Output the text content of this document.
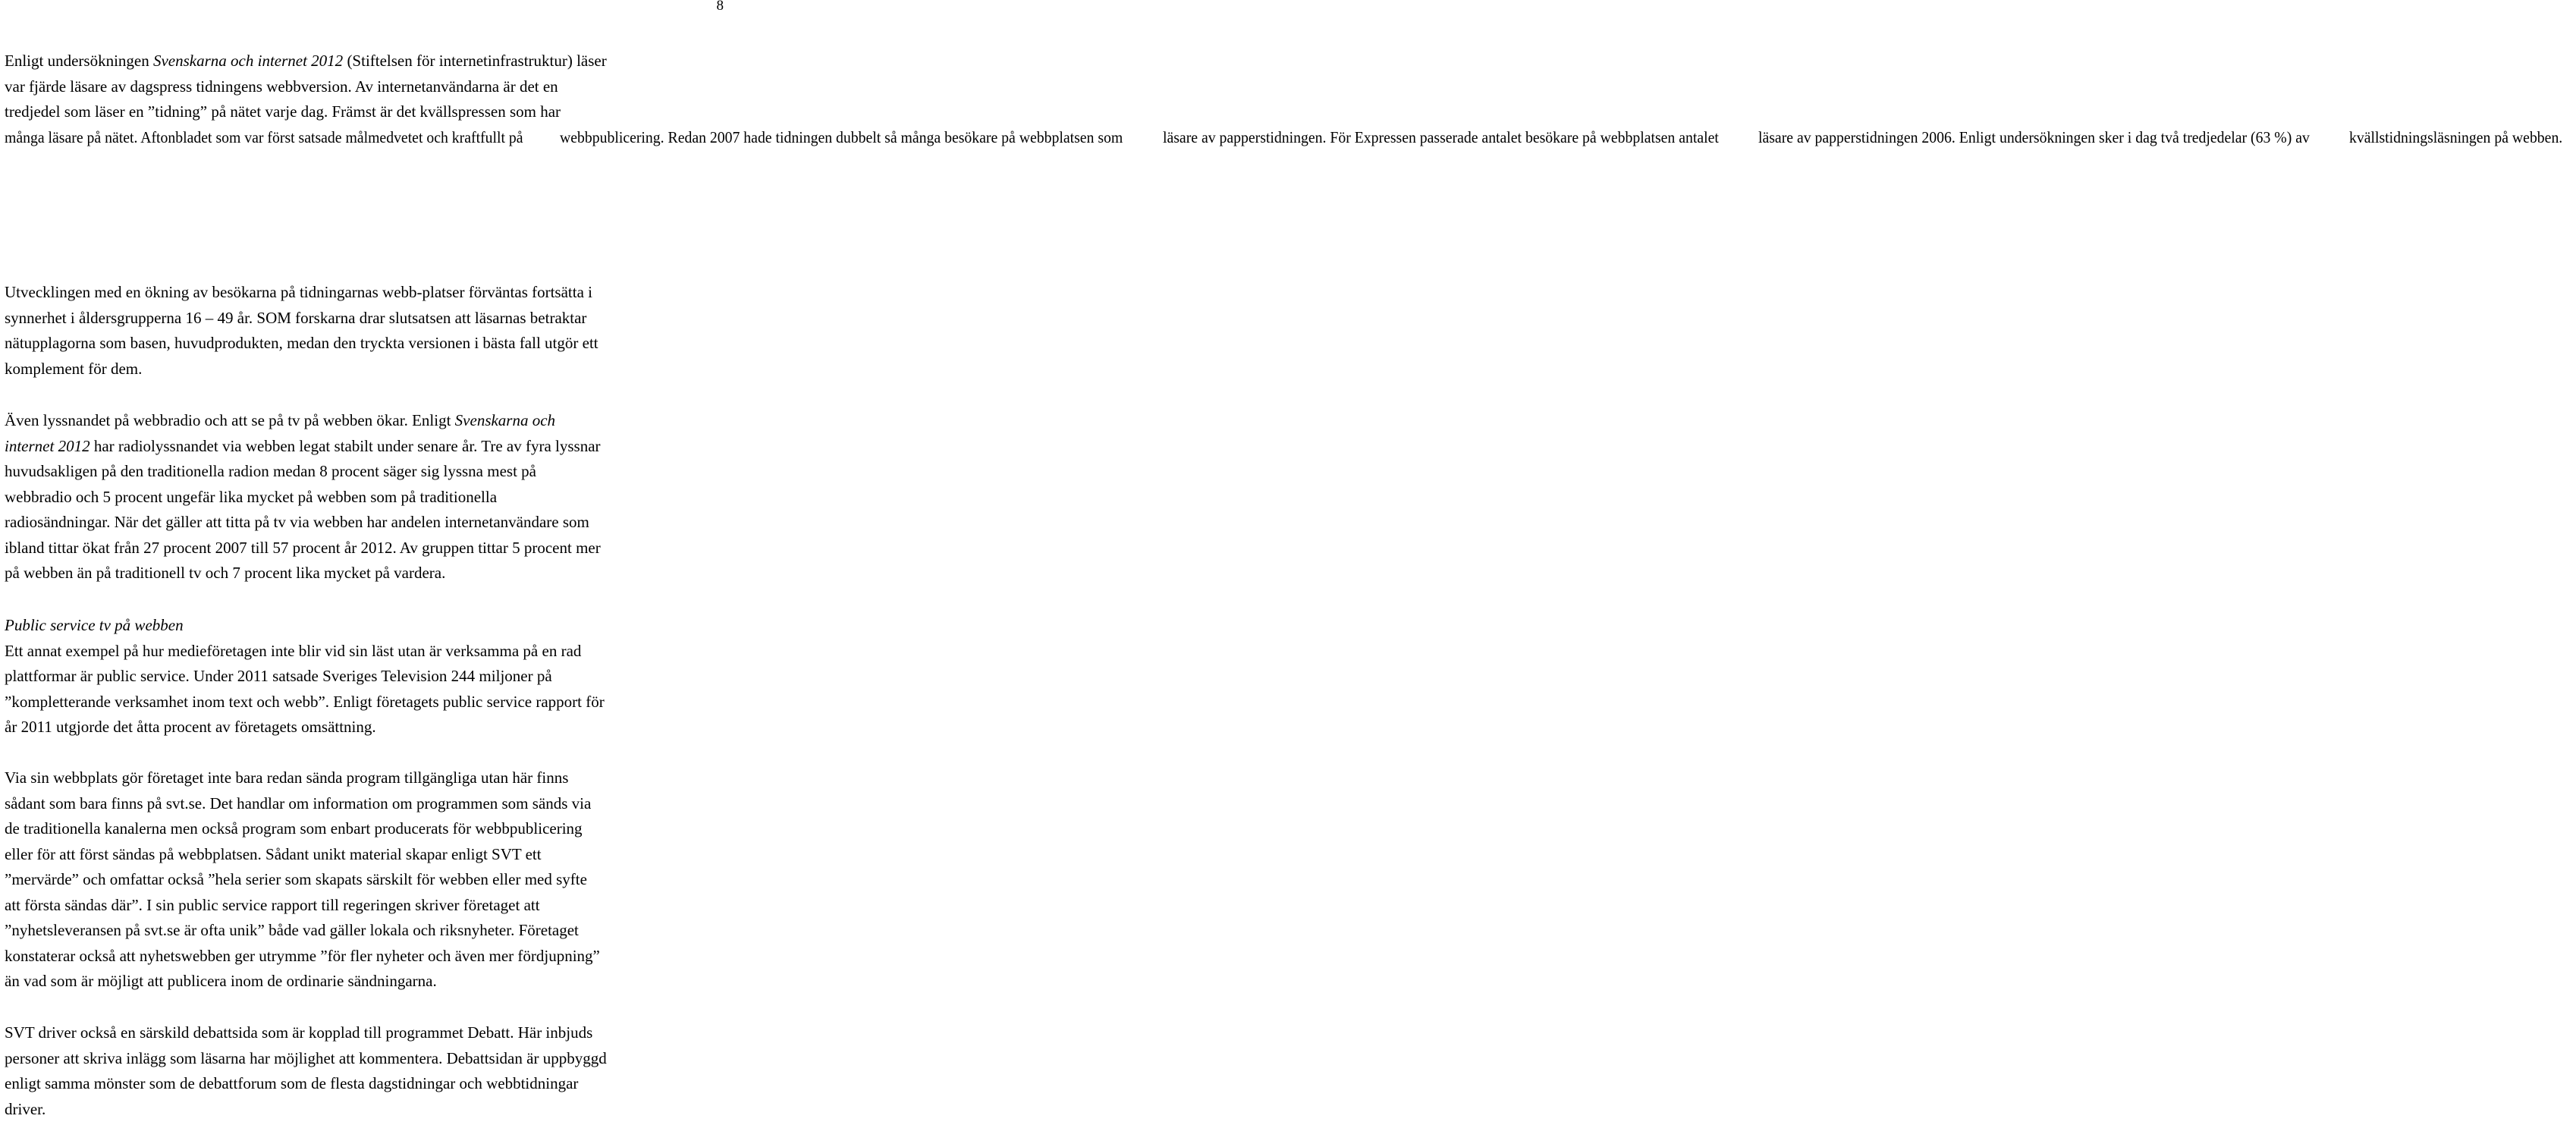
8
Enligt undersökningen Svenskarna och internet 2012 (Stiftelsen för internetinfrastruktur) läser
var fjärde läsare av dagspress tidningens webbversion. Av internetanvändarna är det en
tredjedel som läser en ”tidning” på nätet varje dag. Främst är det kvällspressen som har
många läsare på nätet. Aftonbladet som var först satsade målmedvetet och kraftfullt på webbpublicering. Redan 2007 hade tidningen dubbelt så många besökare på webbplatsen som	läsare av papperstidningen. För Expressen passerade antalet besökare på webbplatsen antalet läsare av papperstidningen 2006. Enligt undersökningen sker i dag två tredjedelar (63 %) av kvällstidningsläsningen på webben.
Utvecklingen med en ökning av besökarna på tidningarnas webb-platser förväntas fortsätta i
synnerhet i åldersgrupperna 16 – 49 år. SOM forskarna drar slutsatsen att läsarnas betraktar
nätupplagorna som basen, huvudprodukten, medan den tryckta versionen i bästa fall utgör ett
komplement för dem.
Även lyssnandet på webbradio och att se på tv på webben ökar. Enligt Svenskarna och
internet 2012 har radiolyssnandet via webben legat stabilt under senare år. Tre av fyra lyssnar
huvudsakligen på den traditionella radion medan 8 procent säger sig lyssna mest på
webbradio och 5 procent ungefär lika mycket på webben som på traditionella
radiosändningar. När det gäller att titta på tv via webben har andelen internetanvändare som
ibland tittar ökat från 27 procent 2007 till 57 procent år 2012. Av gruppen tittar 5 procent mer
på webben än på traditionell tv och 7 procent lika mycket på vardera.
Public service tv på webben
Ett annat exempel på hur medieföretagen inte blir vid sin läst utan är verksamma på en rad
plattformar är public service. Under 2011 satsade Sveriges Television 244 miljoner på
”kompletterande verksamhet inom text och webb”. Enligt företagets public service rapport för
år 2011 utgjorde det åtta procent av företagets omsättning.
Via sin webbplats gör företaget inte bara redan sända program tillgängliga utan här finns
sådant som bara finns på svt.se. Det handlar om information om programmen som sänds via
de traditionella kanalerna men också program som enbart producerats för webbpublicering
eller för att först sändas på webbplatsen. Sådant unikt material skapar enligt SVT ett
”mervärde” och omfattar också ”hela serier som skapats särskilt för webben eller med syfte
att första sändas där”. I sin public service rapport till regeringen skriver företaget att
”nyhetsleveransen på svt.se är ofta unik” både vad gäller lokala och riksnyheter. Företaget
konstaterar också att nyhetswebben ger utrymme ”för fler nyheter och även mer fördjupning”
än vad som är möjligt att publicera inom de ordinarie sändningarna.
SVT driver också en särskild debattsida som är kopplad till programmet Debatt. Här inbjuds
personer att skriva inlägg som läsarna har möjlighet att kommentera. Debattsidan är uppbyggd
enligt samma mönster som de debattforum som de flesta dagstidningar och webbtidningar
driver.
